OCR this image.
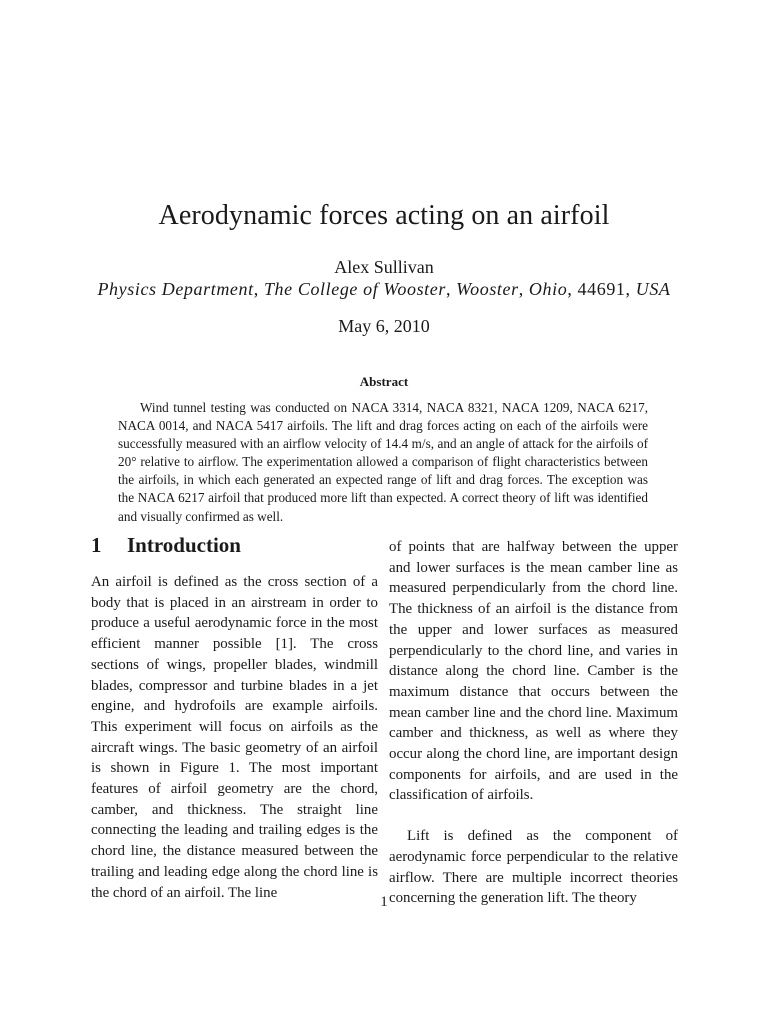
Aerodynamic forces acting on an airfoil
Alex Sullivan
Physics Department, The College of Wooster, Wooster, Ohio, 44691, USA
May 6, 2010
Abstract
Wind tunnel testing was conducted on NACA 3314, NACA 8321, NACA 1209, NACA 6217, NACA 0014, and NACA 5417 airfoils. The lift and drag forces acting on each of the airfoils were successfully measured with an airflow velocity of 14.4 m/s, and an angle of attack for the airfoils of 20° relative to airflow. The experimentation allowed a comparison of flight characteristics between the airfoils, in which each generated an expected range of lift and drag forces. The exception was the NACA 6217 airfoil that produced more lift than expected. A correct theory of lift was identified and visually confirmed as well.
1 Introduction

An airfoil is defined as the cross section of a body that is placed in an airstream in order to produce a useful aerodynamic force in the most efficient manner possible [1]. The cross sections of wings, propeller blades, windmill blades, compressor and turbine blades in a jet engine, and hydrofoils are example airfoils. This experiment will focus on airfoils as the aircraft wings. The basic geometry of an airfoil is shown in Figure 1. The most important features of airfoil geometry are the chord, camber, and thickness. The straight line connecting the leading and trailing edges is the chord line, the distance measured between the trailing and leading edge along the chord line is the chord of an airfoil. The line

of points that are halfway between the upper and lower surfaces is the mean camber line as measured perpendicularly from the chord line. The thickness of an airfoil is the distance from the upper and lower surfaces as measured perpendicularly to the chord line, and varies in distance along the chord line. Camber is the maximum distance that occurs between the mean camber line and the chord line. Maximum camber and thickness, as well as where they occur along the chord line, are important design components for airfoils, and are used in the classification of airfoils.

Lift is defined as the component of aerodynamic force perpendicular to the relative airflow. There are multiple incorrect theories concerning the generation lift. The theory

1
